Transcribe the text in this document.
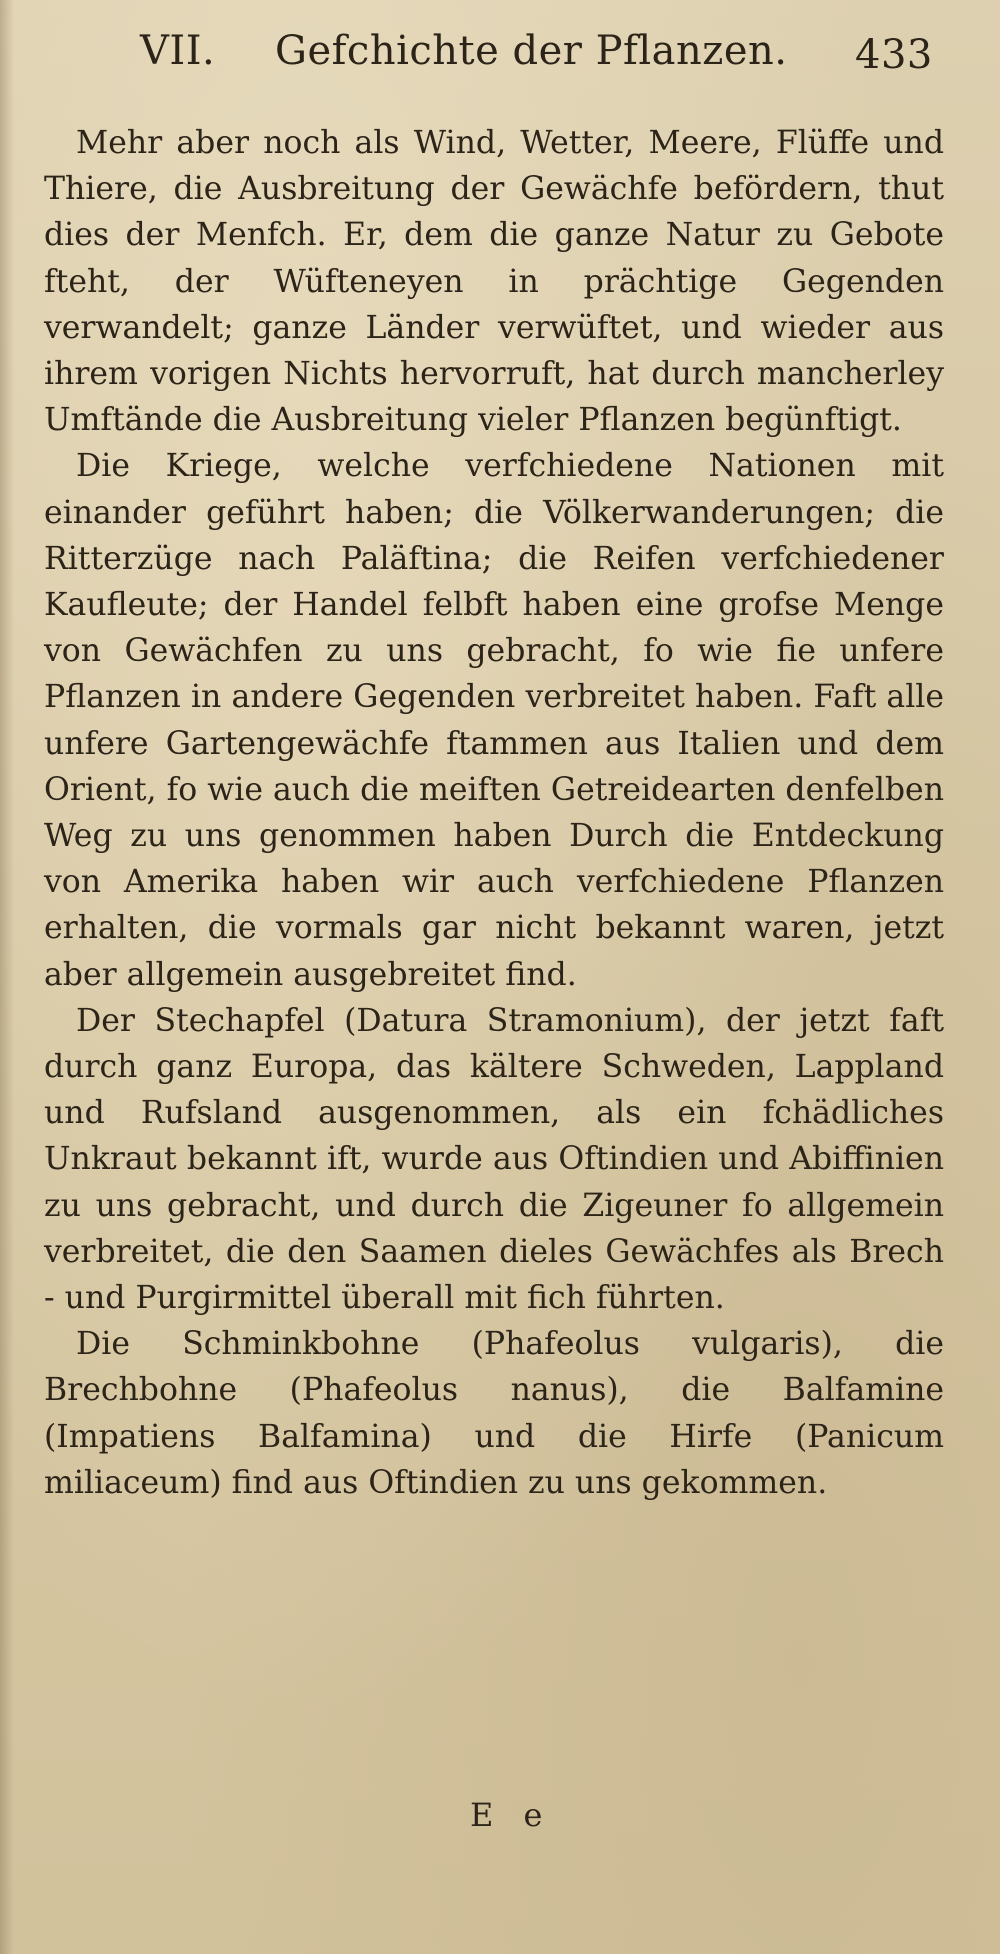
VII. Gefchichte der Pflanzen. 433

Mehr aber noch als Wind, Wetter, Meere, Flüffe und Thiere, die Ausbreitung der Gewächfe befördern, thut dies der Menfch. Er, dem die ganze Natur zu Gebote fteht, der Wüfteneyen in prächtige Gegenden verwandelt; ganze Länder verwüftet, und wieder aus ihrem vorigen Nichts hervorruft, hat durch mancherley Umftände die Ausbreitung vieler Pflanzen begünftigt.

Die Kriege, welche verfchiedene Nationen mit einander geführt haben; die Völkerwanderungen; die Ritterzüge nach Paläftina; die Reifen verfchiedener Kaufleute; der Handel felbft haben eine grofse Menge von Gewächfen zu uns gebracht, fo wie fie unfere Pflanzen in andere Gegenden verbreitet haben. Faft alle unfere Gartengewächfe ftammen aus Italien und dem Orient, fo wie auch die meiften Getreidearten denfelben Weg zu uns genommen haben Durch die Entdeckung von Amerika haben wir auch verfchiedene Pflanzen erhalten, die vormals gar nicht bekannt waren, jetzt aber allgemein ausgebreitet find.

Der Stechapfel (Datura Stramonium), der jetzt faft durch ganz Europa, das kältere Schweden, Lappland und Rufsland ausgenommen, als ein fchädliches Unkraut bekannt ift, wurde aus Oftindien und Abiffinien zu uns gebracht, und durch die Zigeuner fo allgemein verbreitet, die den Saamen dieles Gewächfes als Brech - und Purgirmittel überall mit fich führten.

Die Schminkbohne (Phafeolus vulgaris), die Brechbohne (Phafeolus nanus), die Balfamine (Impatiens Balfamina) und die Hirfe (Panicum miliaceum) find aus Oftindien zu uns gekommen.

E e
